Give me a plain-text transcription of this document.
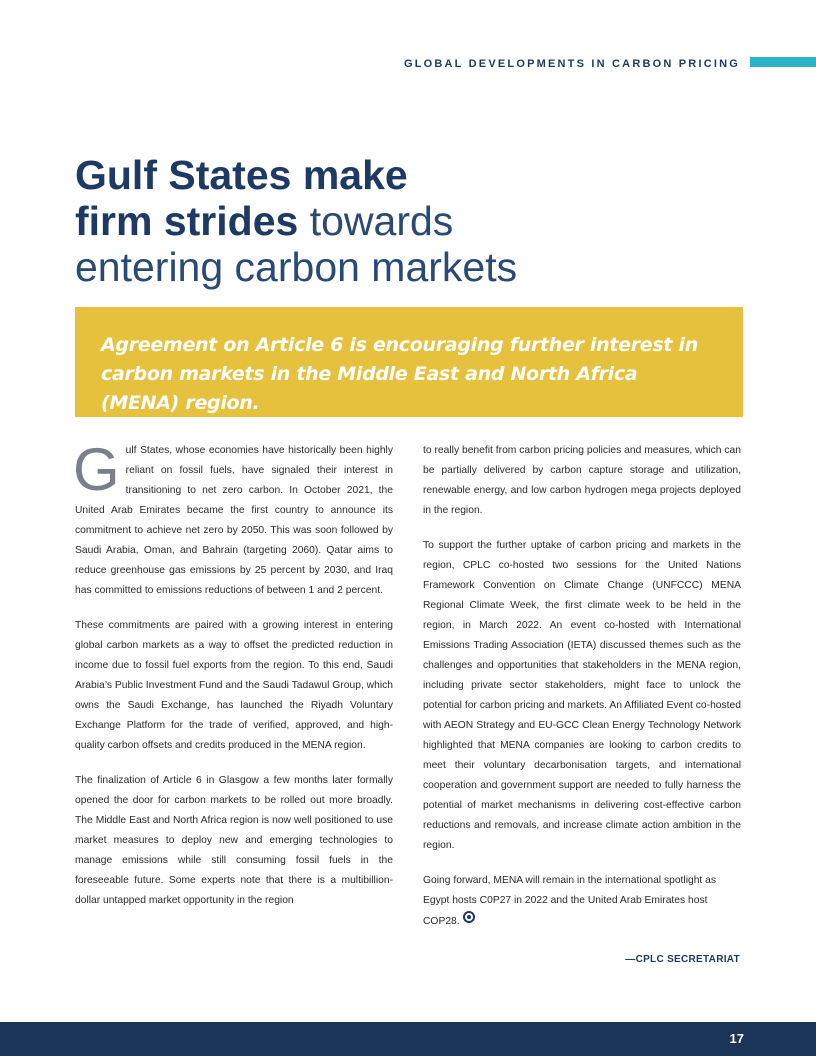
GLOBAL DEVELOPMENTS IN CARBON PRICING
Gulf States make
firm strides towards
entering carbon markets
Agreement on Article 6 is encouraging further interest in carbon markets in the Middle East and North Africa (MENA) region.

Gulf States, whose economies have historically been highly reliant on fossil fuels, have signaled their interest in transitioning to net zero carbon. In October 2021, the United Arab Emirates became the first country to announce its commitment to achieve net zero by 2050. This was soon followed by Saudi Arabia, Oman, and Bahrain (targeting 2060). Qatar aims to reduce greenhouse gas emissions by 25 percent by 2030, and Iraq has committed to emissions reductions of between 1 and 2 percent.

These commitments are paired with a growing interest in entering global carbon markets as a way to offset the predicted reduction in income due to fossil fuel exports from the region. To this end, Saudi Arabia’s Public Investment Fund and the Saudi Tadawul Group, which owns the Saudi Exchange, has launched the Riyadh Voluntary Exchange Platform for the trade of verified, approved, and high-quality carbon offsets and credits produced in the MENA region.

The finalization of Article 6 in Glasgow a few months later formally opened the door for carbon markets to be rolled out more broadly. The Middle East and North Africa region is now well positioned to use market measures to deploy new and emerging technologies to manage emissions while still consuming fossil fuels in the foreseeable future. Some experts note that there is a multibillion-dollar untapped market opportunity in the region

to really benefit from carbon pricing policies and measures, which can be partially delivered by carbon capture storage and utilization, renewable energy, and low carbon hydrogen mega projects deployed in the region.

To support the further uptake of carbon pricing and markets in the region, CPLC co-hosted two sessions for the United Nations Framework Convention on Climate Change (UNFCCC) MENA Regional Climate Week, the first climate week to be held in the region, in March 2022. An event co-hosted with International Emissions Trading Association (IETA) discussed themes such as the challenges and opportunities that stakeholders in the MENA region, including private sector stakeholders, might face to unlock the potential for carbon pricing and markets. An Affiliated Event co-hosted with AEON Strategy and EU-GCC Clean Energy Technology Network highlighted that MENA companies are looking to carbon credits to meet their voluntary decarbonisation targets, and international cooperation and government support are needed to fully harness the potential of market mechanisms in delivering cost-effective carbon reductions and removals, and increase climate action ambition in the region.

Going forward, MENA will remain in the international spotlight as Egypt hosts C0P27 in 2022 and the United Arab Emirates host COP28.

—CPLC SECRETARIAT
17
